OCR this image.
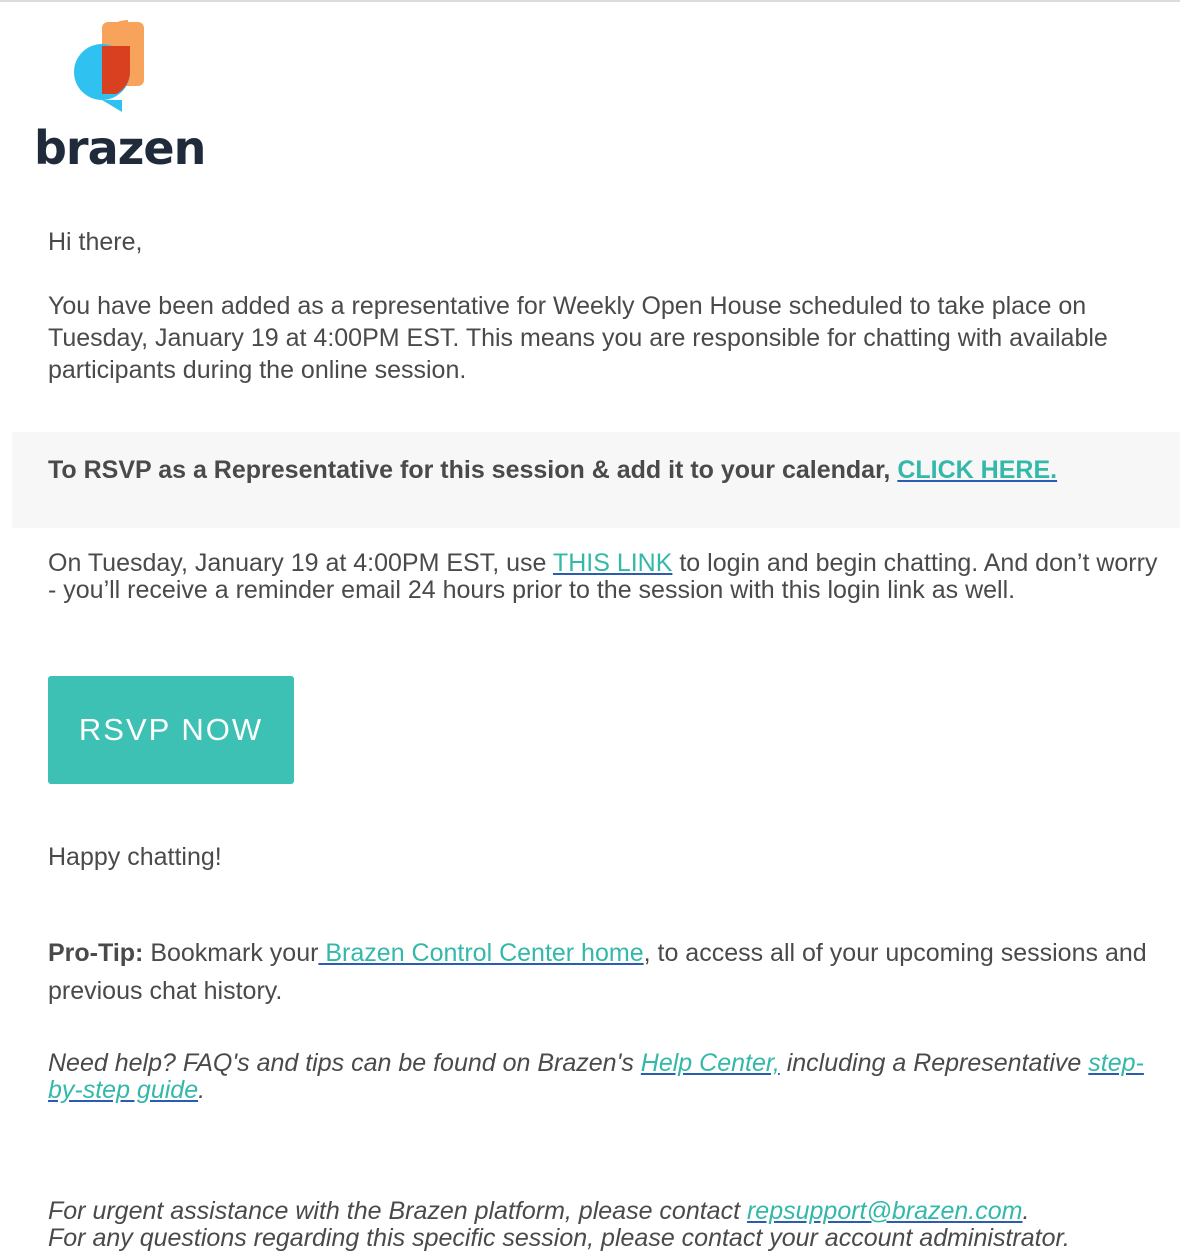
brazen

Hi there,

You have been added as a representative for Weekly Open House scheduled to take place on Tuesday, January 19 at 4:00PM EST. This means you are responsible for chatting with available participants during the online session.

To RSVP as a Representative for this session & add it to your calendar, CLICK HERE.

On Tuesday, January 19 at 4:00PM EST, use THIS LINK to login and begin chatting. And don’t worry - you’ll receive a reminder email 24 hours prior to the session with this login link as well.

RSVP NOW

Happy chatting!

Pro-Tip: Bookmark your Brazen Control Center home, to access all of your upcoming sessions and previous chat history.

Need help? FAQ's and tips can be found on Brazen's Help Center, including a Representative step-by-step guide.

For urgent assistance with the Brazen platform, please contact repsupport@brazen.com.
For any questions regarding this specific session, please contact your account administrator.
